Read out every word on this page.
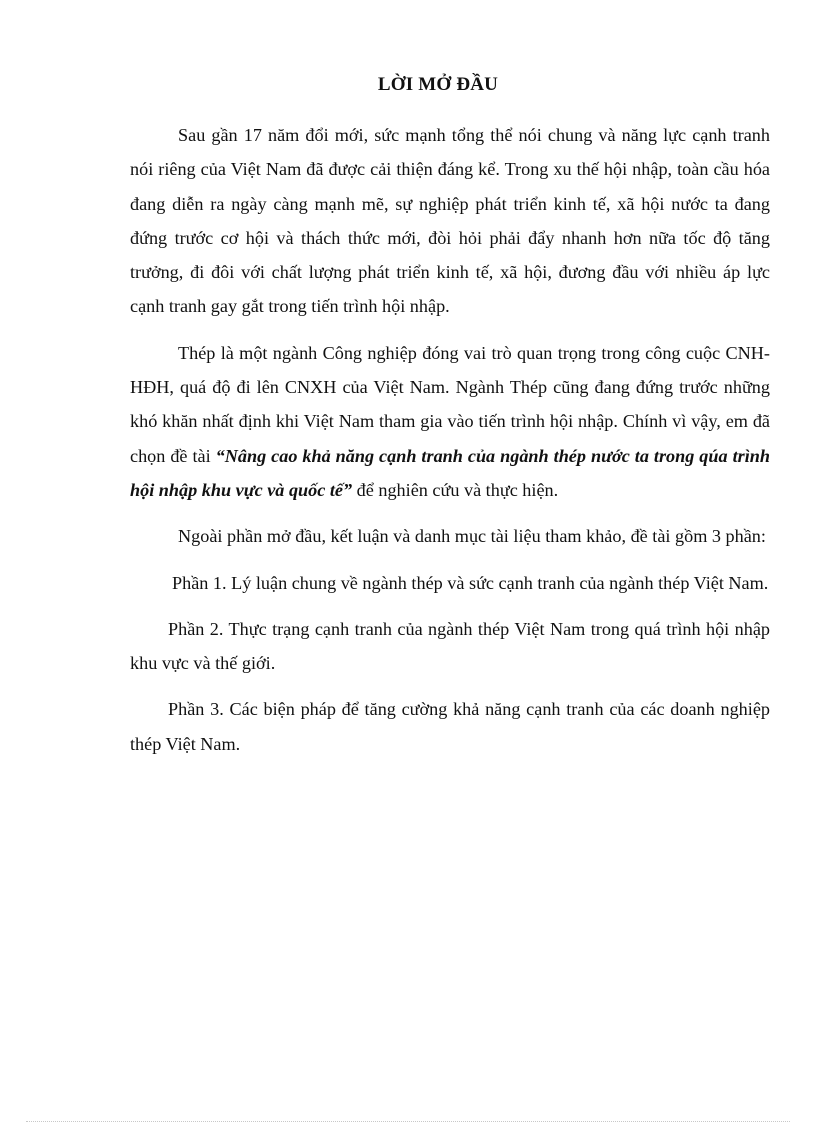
LỜI MỞ ĐẦU

Sau gần 17 năm đổi mới, sức mạnh tổng thể nói chung và năng lực cạnh tranh nói riêng của Việt Nam đã được cải thiện đáng kể. Trong xu thế hội nhập, toàn cầu hóa đang diễn ra ngày càng mạnh mẽ, sự nghiệp phát triển kinh tế, xã hội nước ta đang đứng trước cơ hội và thách thức mới, đòi hỏi phải đẩy nhanh hơn nữa tốc độ tăng trưởng, đi đôi với chất lượng phát triển kinh tế, xã hội, đương đầu với nhiều áp lực cạnh tranh gay gắt trong tiến trình hội nhập.

Thép là một ngành Công nghiệp đóng vai trò quan trọng trong công cuộc CNH-HĐH, quá độ đi lên CNXH của Việt Nam. Ngành Thép cũng đang đứng trước những khó khăn nhất định khi Việt Nam tham gia vào tiến trình hội nhập. Chính vì vậy, em đã chọn đề tài “Nâng cao khả năng cạnh tranh của ngành thép nước ta trong qúa trình hội nhập khu vực và quốc tế” để nghiên cứu và thực hiện.

Ngoài phần mở đầu, kết luận và danh mục tài liệu tham khảo, đề tài gồm 3 phần:

Phần 1. Lý luận chung về ngành thép và sức cạnh tranh của ngành thép Việt Nam.

Phần 2. Thực trạng cạnh tranh của ngành thép Việt Nam trong quá trình hội nhập khu vực và thế giới.

Phần 3. Các biện pháp để tăng cường khả năng cạnh tranh của các doanh nghiệp thép Việt Nam.
